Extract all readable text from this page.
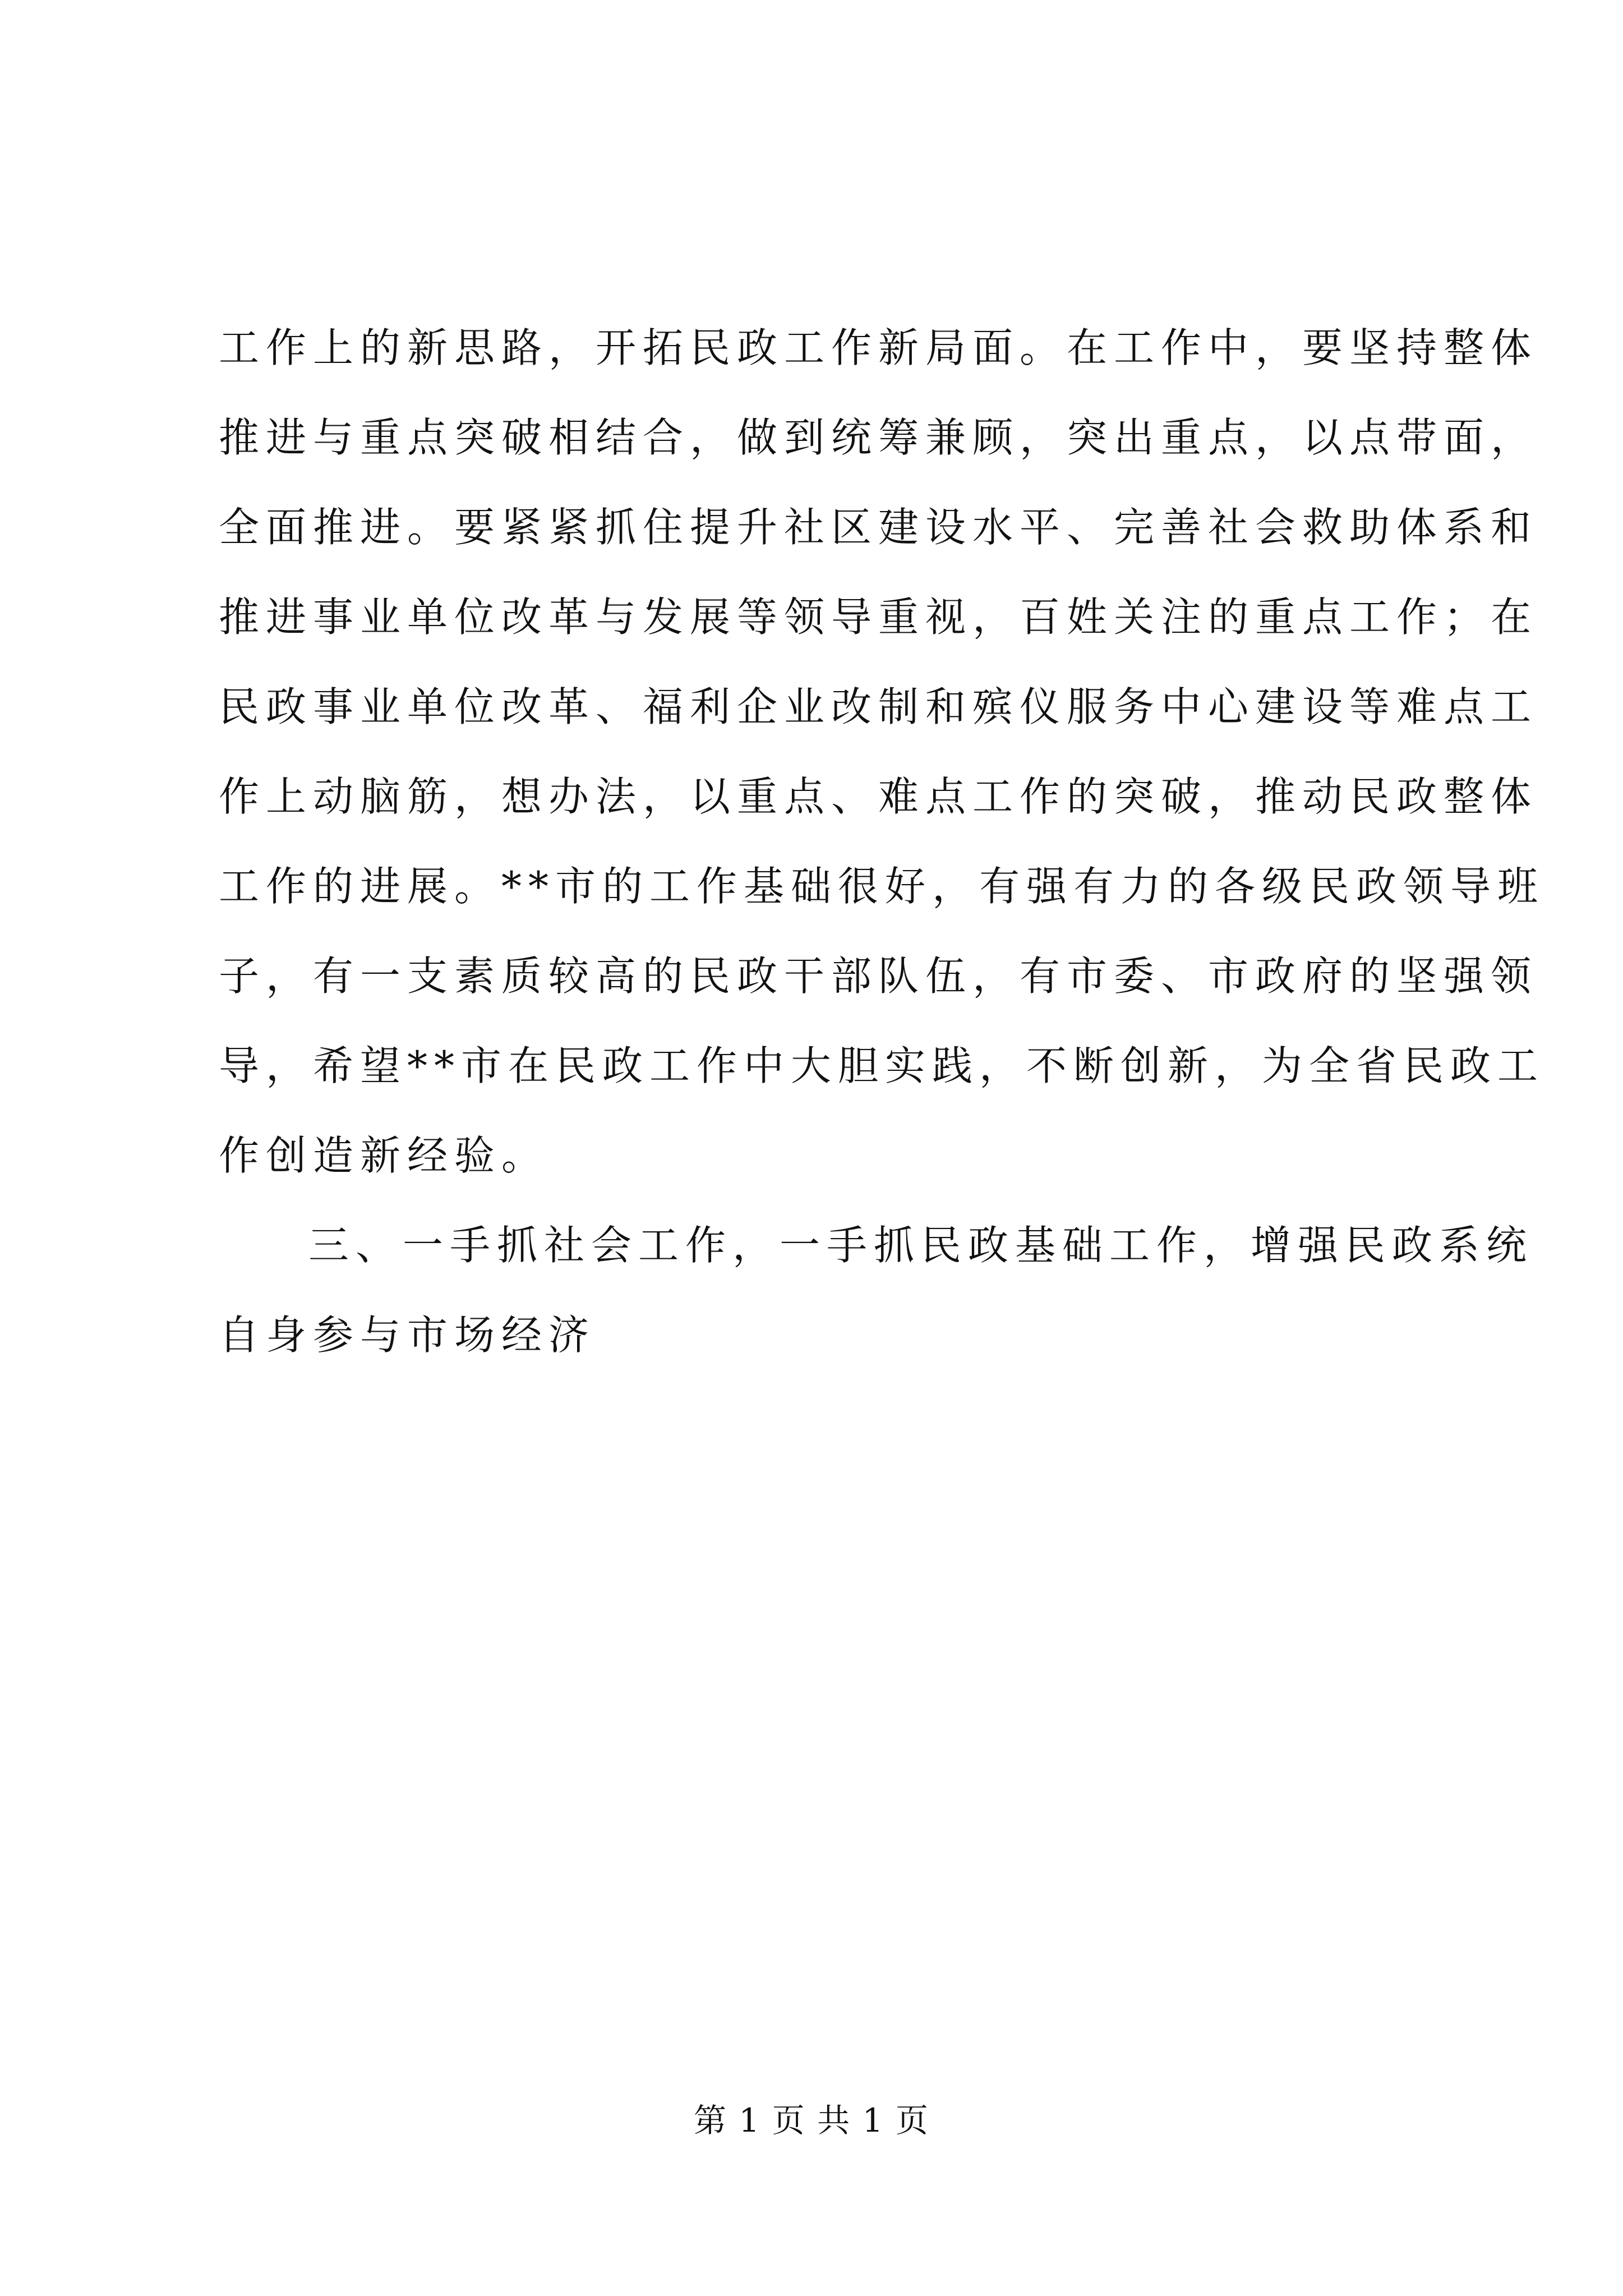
工作上的新思路，开拓民政工作新局面。在工作中，要坚持整体
推进与重点突破相结合，做到统筹兼顾，突出重点，以点带面，
全面推进。要紧紧抓住提升社区建设水平、完善社会救助体系和
推进事业单位改革与发展等领导重视，百姓关注的重点工作；在
民政事业单位改革、福利企业改制和殡仪服务中心建设等难点工
作上动脑筋，想办法，以重点、难点工作的突破，推动民政整体
工作的进展。**市的工作基础很好，有强有力的各级民政领导班
子，有一支素质较高的民政干部队伍，有市委、市政府的坚强领
导，希望**市在民政工作中大胆实践，不断创新，为全省民政工
作创造新经验。
三、一手抓社会工作，一手抓民政基础工作，增强民政系统
自身参与市场经济
第 1 页 共 1 页
